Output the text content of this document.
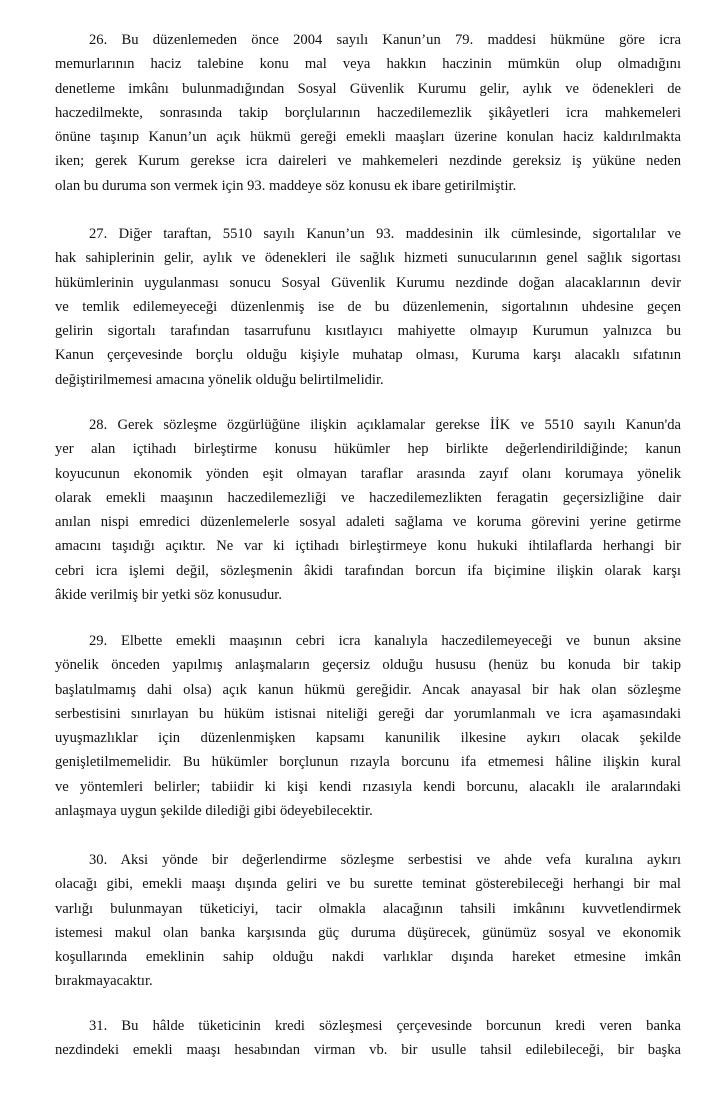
26. Bu düzenlemeden önce 2004 sayılı Kanun’un 79. maddesi hükmüne göre icra
memurlarının haciz talebine konu mal veya hakkın haczinin mümkün olup olmadığını
denetleme imkânı bulunmadığından Sosyal Güvenlik Kurumu gelir, aylık ve ödenekleri de
haczedilmekte, sonrasında takip borçlularının haczedilemezlik şikâyetleri icra mahkemeleri
önüne taşınıp Kanun’un açık hükmü gereği emekli maaşları üzerine konulan haciz kaldırılmakta
iken; gerek Kurum gerekse icra daireleri ve mahkemeleri nezdinde gereksiz iş yüküne neden
olan bu duruma son vermek için 93. maddeye söz konusu ek ibare getirilmiştir.
27. Diğer taraftan, 5510 sayılı Kanun’un 93. maddesinin ilk cümlesinde, sigortalılar ve
hak sahiplerinin gelir, aylık ve ödenekleri ile sağlık hizmeti sunucularının genel sağlık sigortası
hükümlerinin uygulanması sonucu Sosyal Güvenlik Kurumu nezdinde doğan alacaklarının devir
ve temlik edilemeyeceği düzenlenmiş ise de bu düzenlemenin, sigortalının uhdesine geçen
gelirin sigortalı tarafından tasarrufunu kısıtlayıcı mahiyette olmayıp Kurumun yalnızca bu
Kanun çerçevesinde borçlu olduğu kişiyle muhatap olması, Kuruma karşı alacaklı sıfatının
değiştirilmemesi amacına yönelik olduğu belirtilmelidir.
28. Gerek sözleşme özgürlüğüne ilişkin açıklamalar gerekse İİK ve 5510 sayılı Kanun'da
yer alan içtihadı birleştirme konusu hükümler hep birlikte değerlendirildiğinde; kanun
koyucunun ekonomik yönden eşit olmayan taraflar arasında zayıf olanı korumaya yönelik
olarak emekli maaşının haczedilemezliği ve haczedilemezlikten feragatin geçersizliğine dair
anılan nispi emredici düzenlemelerle sosyal adaleti sağlama ve koruma görevini yerine getirme
amacını taşıdığı açıktır. Ne var ki içtihadı birleştirmeye konu hukuki ihtilaflarda herhangi bir
cebri icra işlemi değil, sözleşmenin âkidi tarafından borcun ifa biçimine ilişkin olarak karşı
âkide verilmiş bir yetki söz konusudur.
29. Elbette emekli maaşının cebri icra kanalıyla haczedilemeyeceği ve bunun aksine
yönelik önceden yapılmış anlaşmaların geçersiz olduğu hususu (henüz bu konuda bir takip
başlatılmamış dahi olsa) açık kanun hükmü gereğidir. Ancak anayasal bir hak olan sözleşme
serbestisini sınırlayan bu hüküm istisnai niteliği gereği dar yorumlanmalı ve icra aşamasındaki
uyuşmazlıklar için düzenlenmişken kapsamı kanunilik ilkesine aykırı olacak şekilde
genişletilmemelidir. Bu hükümler borçlunun rızayla borcunu ifa etmemesi hâline ilişkin kural
ve yöntemleri belirler; tabiidir ki kişi kendi rızasıyla kendi borcunu, alacaklı ile aralarındaki
anlaşmaya uygun şekilde dilediği gibi ödeyebilecektir.
30. Aksi yönde bir değerlendirme sözleşme serbestisi ve ahde vefa kuralına aykırı
olacağı gibi, emekli maaşı dışında geliri ve bu surette teminat gösterebileceği herhangi bir mal
varlığı bulunmayan tüketiciyi, tacir olmakla alacağının tahsili imkânını kuvvetlendirmek
istemesi makul olan banka karşısında güç duruma düşürecek, günümüz sosyal ve ekonomik
koşullarında emeklinin sahip olduğu nakdi varlıklar dışında hareket etmesine imkân
bırakmayacaktır.
31. Bu hâlde tüketicinin kredi sözleşmesi çerçevesinde borcunun kredi veren banka
nezdindeki emekli maaşı hesabından virman vb. bir usulle tahsil edilebileceği, bir başka
